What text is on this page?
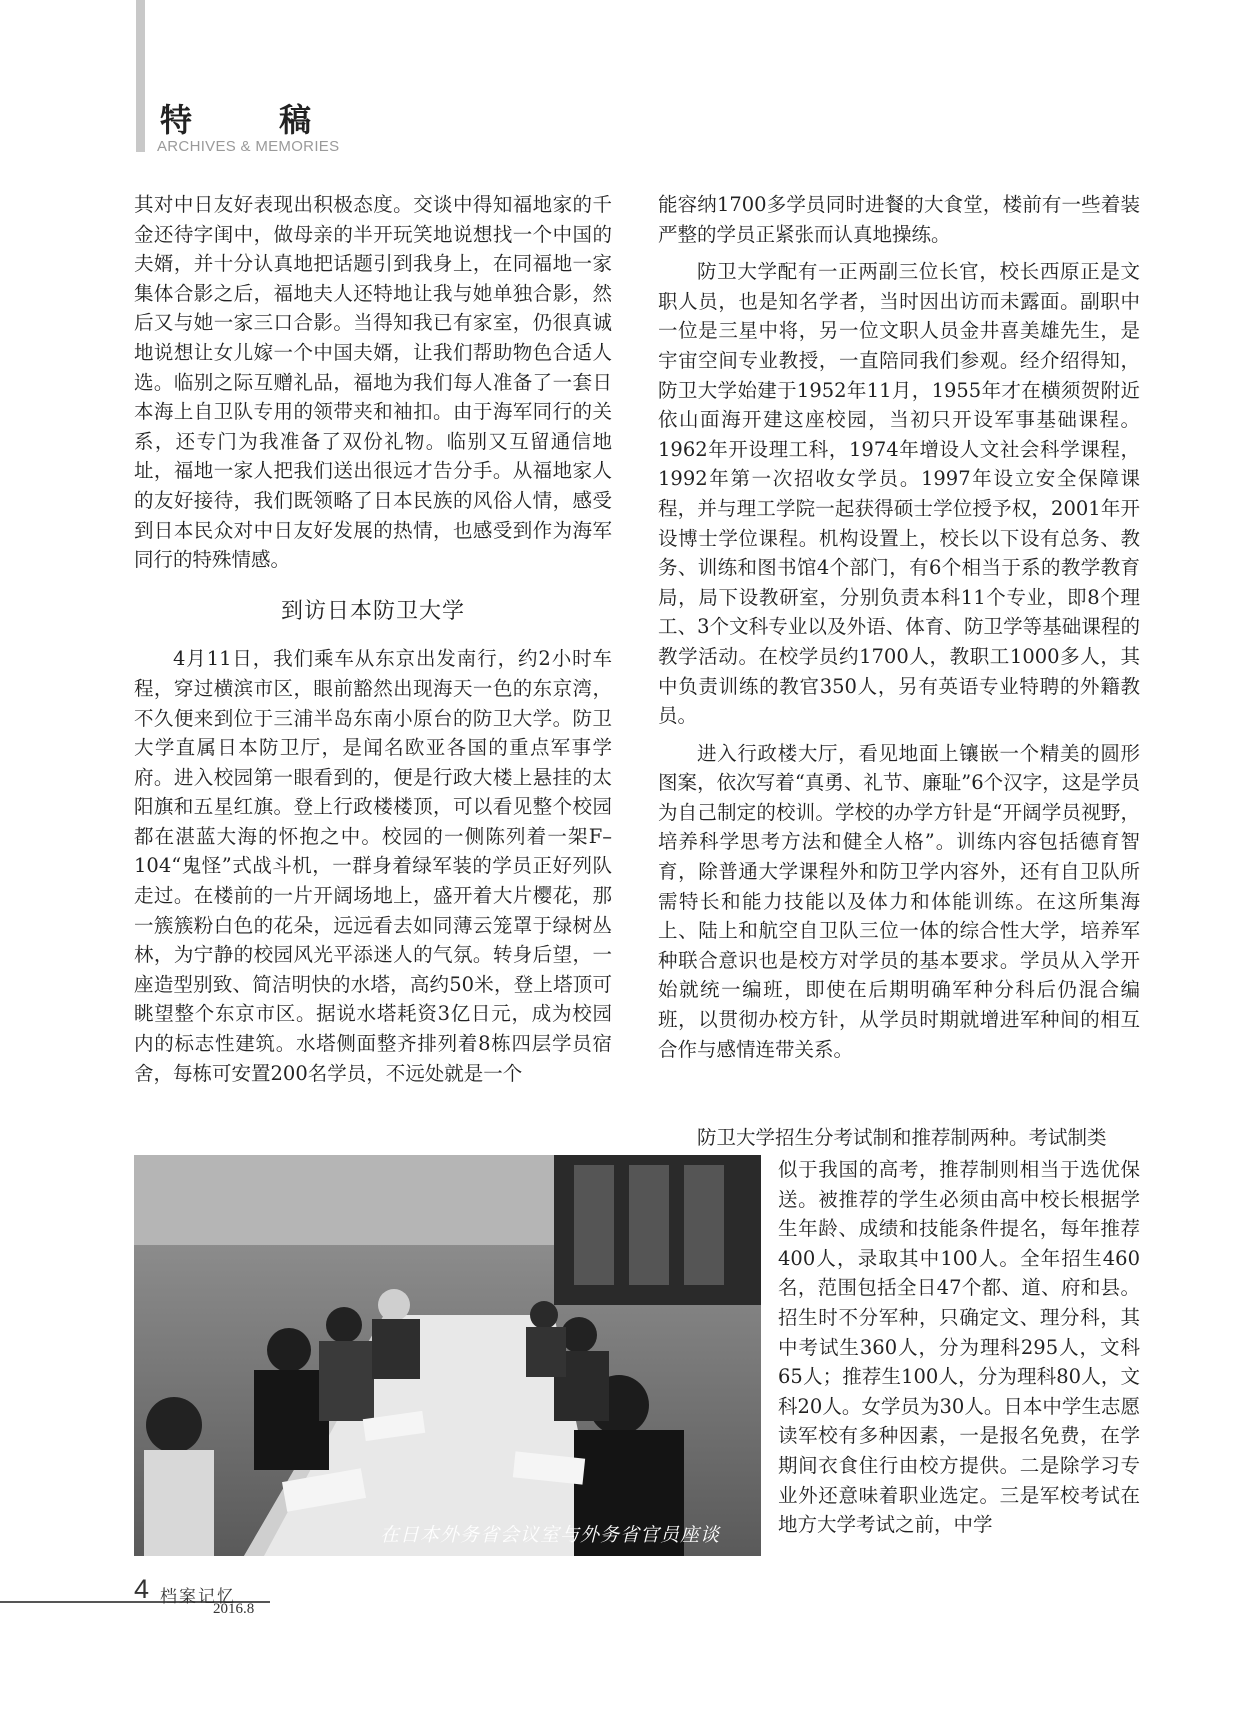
特 稿
ARCHIVES & MEMORIES

其对中日友好表现出积极态度。交谈中得知福地家的千金还待字闺中，做母亲的半开玩笑地说想找一个中国的夫婿，并十分认真地把话题引到我身上，在同福地一家集体合影之后，福地夫人还特地让我与她单独合影，然后又与她一家三口合影。当得知我已有家室，仍很真诚地说想让女儿嫁一个中国夫婿，让我们帮助物色合适人选。临别之际互赠礼品，福地为我们每人准备了一套日本海上自卫队专用的领带夹和袖扣。由于海军同行的关系，还专门为我准备了双份礼物。临别又互留通信地址，福地一家人把我们送出很远才告分手。从福地家人的友好接待，我们既领略了日本民族的风俗人情，感受到日本民众对中日友好发展的热情，也感受到作为海军同行的特殊情感。

到访日本防卫大学

4月11日，我们乘车从东京出发南行，约2小时车程，穿过横滨市区，眼前豁然出现海天一色的东京湾，不久便来到位于三浦半岛东南小原台的防卫大学。防卫大学直属日本防卫厅，是闻名欧亚各国的重点军事学府。进入校园第一眼看到的，便是行政大楼上悬挂的太阳旗和五星红旗。登上行政楼楼顶，可以看见整个校园都在湛蓝大海的怀抱之中。校园的一侧陈列着一架F–104“鬼怪”式战斗机，一群身着绿军装的学员正好列队走过。在楼前的一片开阔场地上，盛开着大片樱花，那一簇簇粉白色的花朵，远远看去如同薄云笼罩于绿树丛林，为宁静的校园风光平添迷人的气氛。转身后望，一座造型别致、简洁明快的水塔，高约50米，登上塔顶可眺望整个东京市区。据说水塔耗资3亿日元，成为校园内的标志性建筑。水塔侧面整齐排列着8栋四层学员宿舍，每栋可安置200名学员，不远处就是一个

能容纳1700多学员同时进餐的大食堂，楼前有一些着装严整的学员正紧张而认真地操练。

防卫大学配有一正两副三位长官，校长西原正是文职人员，也是知名学者，当时因出访而未露面。副职中一位是三星中将，另一位文职人员金井喜美雄先生，是宇宙空间专业教授，一直陪同我们参观。经介绍得知，防卫大学始建于1952年11月，1955年才在横须贺附近依山面海开建这座校园，当初只开设军事基础课程。1962年开设理工科，1974年增设人文社会科学课程，1992年第一次招收女学员。1997年设立安全保障课程，并与理工学院一起获得硕士学位授予权，2001年开设博士学位课程。机构设置上，校长以下设有总务、教务、训练和图书馆4个部门，有6个相当于系的教学教育局，局下设教研室，分别负责本科11个专业，即8个理工、3个文科专业以及外语、体育、防卫学等基础课程的教学活动。在校学员约1700人，教职工1000多人，其中负责训练的教官350人，另有英语专业特聘的外籍教员。

进入行政楼大厅，看见地面上镶嵌一个精美的圆形图案，依次写着“真勇、礼节、廉耻”6个汉字，这是学员为自己制定的校训。学校的办学方针是“开阔学员视野，培养科学思考方法和健全人格”。训练内容包括德育智育，除普通大学课程外和防卫学内容外，还有自卫队所需特长和能力技能以及体力和体能训练。在这所集海上、陆上和航空自卫队三位一体的综合性大学，培养军种联合意识也是校方对学员的基本要求。学员从入学开始就统一编班，即使在后期明确军种分科后仍混合编班，以贯彻办校方针，从学员时期就增进军种间的相互合作与感情连带关系。

防卫大学招生分考试制和推荐制两种。考试制类
似于我国的高考，推荐制则相当于选优保送。被推荐的学生必须由高中校长根据学生年龄、成绩和技能条件提名，每年推荐400人，录取其中100人。全年招生460名，范围包括全日47个都、道、府和县。招生时不分军种，只确定文、理分科，其中考试生360人，分为理科295人，文科65人；推荐生100人，分为理科80人，文科20人。女学员为30人。日本中学生志愿读军校有多种因素，一是报名免费，在学期间衣食住行由校方提供。二是除学习专业外还意味着职业选定。三是军校考试在地方大学考试之前，中学
在日本外务省会议室与外务省官员座谈
4 档案记忆
2016.8
